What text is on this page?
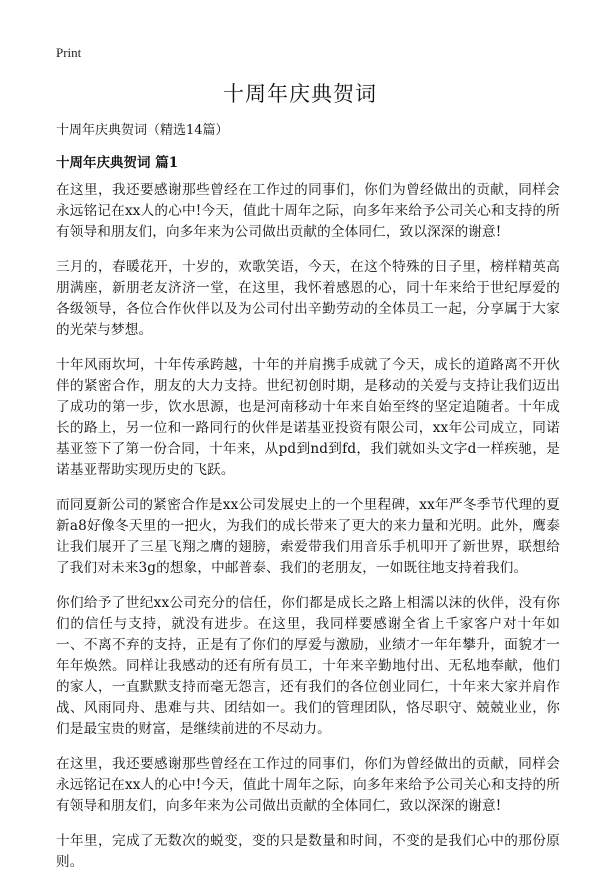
Print
十周年庆典贺词

十周年庆典贺词（精选14篇）

十周年庆典贺词 篇1

在这里，我还要感谢那些曾经在工作过的同事们，你们为曾经做出的贡献，同样会永远铭记在xx人的心中!今天，值此十周年之际，向多年来给予公司关心和支持的所有领导和朋友们，向多年来为公司做出贡献的全体同仁，致以深深的谢意!

三月的，春暖花开，十岁的，欢歌笑语，今天，在这个特殊的日子里，榜样精英高朋满座，新朋老友济济一堂，在这里，我怀着感恩的心，同十年来给于世纪厚爱的各级领导，各位合作伙伴以及为公司付出辛勤劳动的全体员工一起，分享属于大家的光荣与梦想。

十年风雨坎坷，十年传承跨越，十年的并肩携手成就了今天，成长的道路离不开伙伴的紧密合作，朋友的大力支持。世纪初创时期，是移动的关爱与支持让我们迈出了成功的第一步，饮水思源，也是河南移动十年来自始至终的坚定追随者。十年成长的路上，另一位和一路同行的伙伴是诺基亚投资有限公司，xx年公司成立，同诺基亚签下了第一份合同，十年来，从pd到nd到fd，我们就如头文字d一样疾驰，是诺基亚帮助实现历史的飞跃。

而同夏新公司的紧密合作是xx公司发展史上的一个里程碑，xx年严冬季节代理的夏新a8好像冬天里的一把火，为我们的成长带来了更大的来力量和光明。此外，鹰泰让我们展开了三星飞翔之膺的翅膀，索爱带我们用音乐手机叩开了新世界，联想给了我们对未来3g的想象，中邮普泰、我们的老朋友，一如既往地支持着我们。

你们给予了世纪xx公司充分的信任，你们都是成长之路上相濡以沫的伙伴，没有你们的信任与支持，就没有进步。在这里，我同样要感谢全省上千家客户对十年如一、不离不弃的支持，正是有了你们的厚爱与激励，业绩才一年年攀升，面貌才一年年焕然。同样让我感动的还有所有员工，十年来辛勤地付出、无私地奉献，他们的家人，一直默默支持而毫无怨言，还有我们的各位创业同仁，十年来大家并肩作战、风雨同舟、患难与共、团结如一。我们的管理团队，恪尽职守、兢兢业业，你们是最宝贵的财富，是继续前进的不尽动力。

在这里，我还要感谢那些曾经在工作过的同事们，你们为曾经做出的贡献，同样会永远铭记在xx人的心中!今天，值此十周年之际，向多年来给予公司关心和支持的所有领导和朋友们，向多年来为公司做出贡献的全体同仁，致以深深的谢意!

十年里，完成了无数次的蜕变，变的只是数量和时间，不变的是我们心中的那份原则。
